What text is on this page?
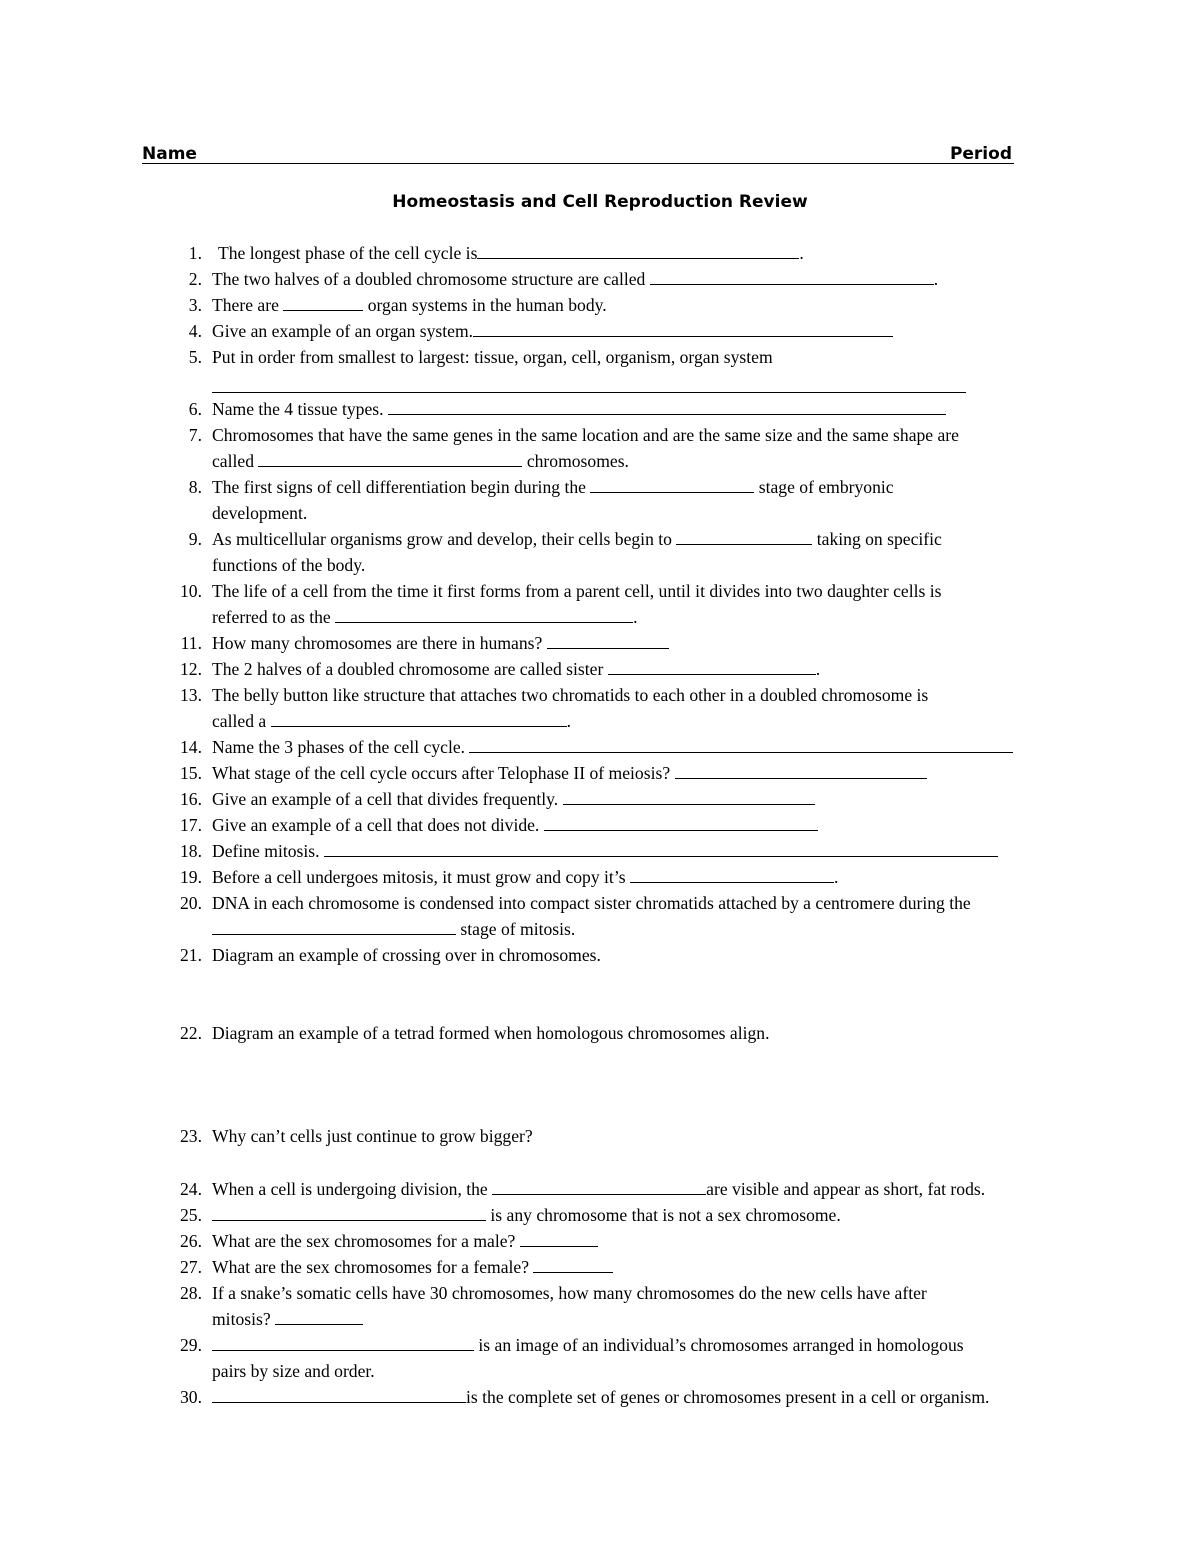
Name	Period
Homeostasis and Cell Reproduction Review
1. The longest phase of the cell cycle is	.
2. The two halves of a doubled chromosome structure are called	.
3. There are	organ systems in the human body.
4. Give an example of an organ system.
5. Put in order from smallest to largest: tissue, organ, cell, organism, organ system
6. Name the 4 tissue types.
7. Chromosomes that have the same genes in the same location and are the same size and the same shape are
called	chromosomes.
8. The first signs of cell differentiation begin during the	stage of embryonic
development.
9. As multicellular organisms grow and develop, their cells begin to	taking on specific
functions of the body.
10. The life of a cell from the time it first forms from a parent cell, until it divides into two daughter cells is
referred to as the	.
11. How many chromosomes are there in humans?
12. The 2 halves of a doubled chromosome are called sister	.
13. The belly button like structure that attaches two chromatids to each other in a doubled chromosome is
called a	.
14. Name the 3 phases of the cell cycle.
15. What stage of the cell cycle occurs after Telophase II of meiosis?
16. Give an example of a cell that divides frequently.
17. Give an example of a cell that does not divide.
18. Define mitosis.
19. Before a cell undergoes mitosis, it must grow and copy it’s	.
20. DNA in each chromosome is condensed into compact sister chromatids attached by a centromere during the
stage of mitosis.
21. Diagram an example of crossing over in chromosomes.
22. Diagram an example of a tetrad formed when homologous chromosomes align.
23. Why can’t cells just continue to grow bigger?
24. When a cell is undergoing division, the	are visible and appear as short, fat rods.
25.	is any chromosome that is not a sex chromosome.
26. What are the sex chromosomes for a male?
27. What are the sex chromosomes for a female?
28. If a snake’s somatic cells have 30 chromosomes, how many chromosomes do the new cells have after
mitosis?
29.	is an image of an individual’s chromosomes arranged in homologous
pairs by size and order.
30.	is the complete set of genes or chromosomes present in a cell or organism.
